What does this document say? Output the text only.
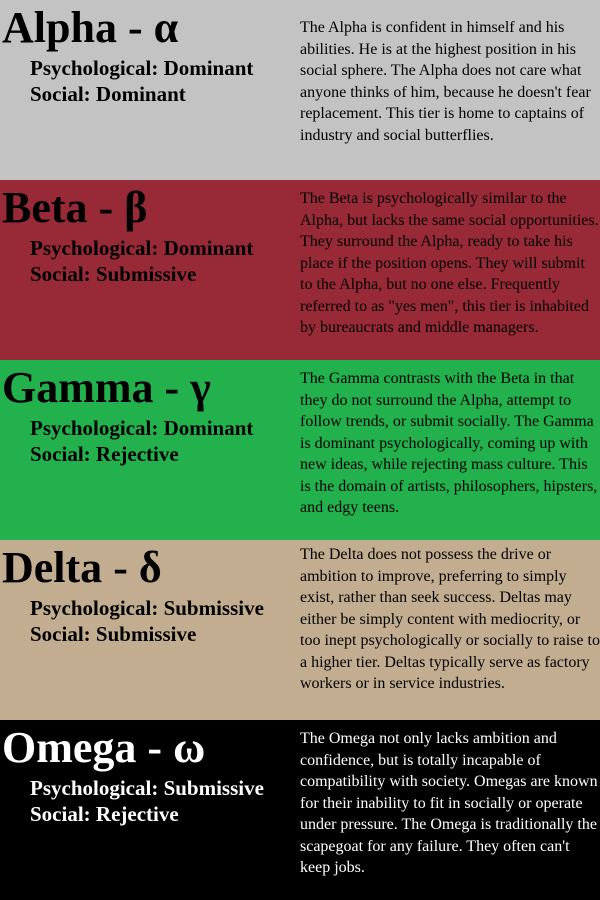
Alpha - α
Psychological: Dominant
Social: Dominant

The Alpha is confident in himself and his abilities. He is at the highest position in his social sphere. The Alpha does not care what anyone thinks of him, because he doesn't fear replacement. This tier is home to captains of industry and social butterflies.

Beta - β
Psychological: Dominant
Social: Submissive

The Beta is psychologically similar to the Alpha, but lacks the same social opportunities. They surround the Alpha, ready to take his place if the position opens. They will submit to the Alpha, but no one else. Frequently referred to as "yes men", this tier is inhabited by bureaucrats and middle managers.

Gamma - γ
Psychological: Dominant
Social: Rejective

The Gamma contrasts with the Beta in that they do not surround the Alpha, attempt to follow trends, or submit socially. The Gamma is dominant psychologically, coming up with new ideas, while rejecting mass culture. This is the domain of artists, philosophers, hipsters, and edgy teens.

Delta - δ
Psychological: Submissive
Social: Submissive

The Delta does not possess the drive or ambition to improve, preferring to simply exist, rather than seek success. Deltas may either be simply content with mediocrity, or too inept psychologically or socially to raise to a higher tier. Deltas typically serve as factory workers or in service industries.

Omega - ω
Psychological: Submissive
Social: Rejective

The Omega not only lacks ambition and confidence, but is totally incapable of compatibility with society. Omegas are known for their inability to fit in socially or operate under pressure. The Omega is traditionally the scapegoat for any failure. They often can't keep jobs.
